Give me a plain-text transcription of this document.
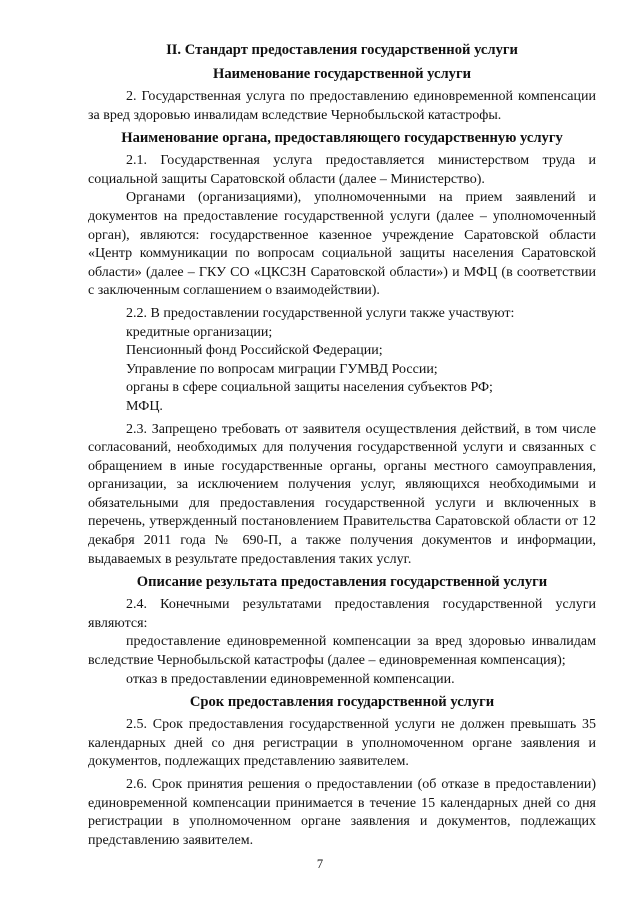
II. Стандарт предоставления государственной услуги
Наименование государственной услуги

2. Государственная услуга по предоставлению единовременной компенсации за вред здоровью инвалидам вследствие Чернобыльской катастрофы.

Наименование органа, предоставляющего государственную услугу

2.1. Государственная услуга предоставляется министерством труда и социальной защиты Саратовской области (далее – Министерство).

Органами (организациями), уполномоченными на прием заявлений и документов на предоставление государственной услуги (далее – уполномоченный орган), являются: государственное казенное учреждение Саратовской области «Центр коммуникации по вопросам социальной защиты населения Саратовской области» (далее – ГКУ СО «ЦКСЗН Саратовской области») и МФЦ (в соответствии с заключенным соглашением о взаимодействии).

2.2. В предоставлении государственной услуги также участвуют:

кредитные организации;

Пенсионный фонд Российской Федерации;

Управление по вопросам миграции ГУМВД России;

органы в сфере социальной защиты населения субъектов РФ;

МФЦ.

2.3. Запрещено требовать от заявителя осуществления действий, в том числе согласований, необходимых для получения государственной услуги и связанных с обращением в иные государственные органы, органы местного самоуправления, организации, за исключением получения услуг, являющихся необходимыми и обязательными для предоставления государственной услуги и включенных в перечень, утвержденный постановлением Правительства Саратовской области от 12 декабря 2011 года № 690-П, а также получения документов и информации, выдаваемых в результате предоставления таких услуг.

Описание результата предоставления государственной услуги

2.4. Конечными результатами предоставления государственной услуги являются:

предоставление единовременной компенсации за вред здоровью инвалидам вследствие Чернобыльской катастрофы (далее – единовременная компенсация);

отказ в предоставлении единовременной компенсации.

Срок предоставления государственной услуги

2.5. Срок предоставления государственной услуги не должен превышать 35 календарных дней со дня регистрации в уполномоченном органе заявления и документов, подлежащих представлению заявителем.

2.6. Срок принятия решения о предоставлении (об отказе в предоставлении) единовременной компенсации принимается в течение 15 календарных дней со дня регистрации в уполномоченном органе заявления и документов, подлежащих представлению заявителем.

7
